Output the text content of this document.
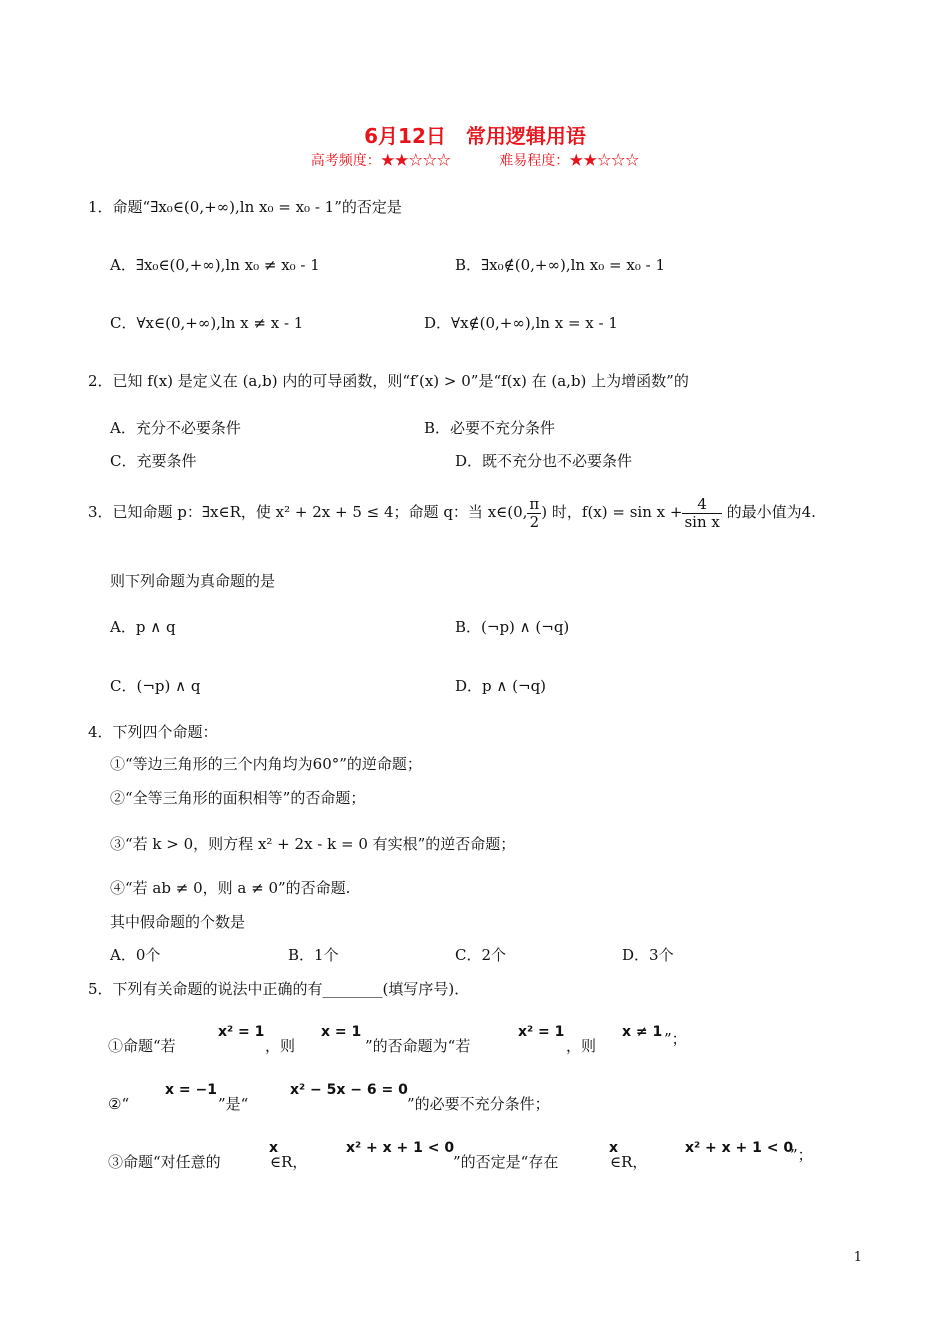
6月12日　常用逻辑用语
高考频度：★★☆☆☆	难易程度：★★☆☆☆
1．命题“∃x₀∈(0,+∞),ln x₀ = x₀ - 1”的否定是
A．∃x₀∈(0,+∞),ln x₀ ≠ x₀ - 1	B．∃x₀∉(0,+∞),ln x₀ = x₀ - 1
C．∀x∈(0,+∞),ln x ≠ x - 1	D．∀x∉(0,+∞),ln x = x - 1
2．已知 f(x) 是定义在 (a,b) 内的可导函数，则“f′(x) > 0”是“f(x) 在 (a,b) 上为增函数”的
A．充分不必要条件	B．必要不充分条件
C．充要条件	D．既不充分也不必要条件
3．已知命题 p：∃x∈R，使 x² + 2x + 5 ≤ 4；命题 q：当 x∈(0, $\frac{\pi}{2}$ ) 时，$f(x) = \sin x + \frac{4}{\text{sin x}}$ 的最小值为4.
则下列命题为真命题的是
A．p ∧ q	B．(¬p) ∧ (¬q)
C．(¬p) ∧ q	D．p ∧ (¬q)
4．下列四个命题：
①“等边三角形的三个内角均为60°”的逆命题；
②“全等三角形的面积相等”的否命题；
③“若 k > 0，则方程 x² + 2x - k = 0 有实根”的逆否命题；
④“若 ab ≠ 0，则 a ≠ 0”的否命题.
其中假命题的个数是
A．0个	B．1个	C．2个	D．3个
5．下列有关命题的说法中正确的有________(填写序号)．
①命题“若
x² = 1
，则
x = 1
”的否命题为“若
x² = 1
，则
x ≠ 1 ”；
②“
x = −1
”是“
x² − 5x − 6 = 0
”的必要不充分条件；
③命题“对任意的
x
∈R，
x² + x + 1 < 0
”的否定是“存在
x
∈R，
x² + x + 1 < 0
”；
1
